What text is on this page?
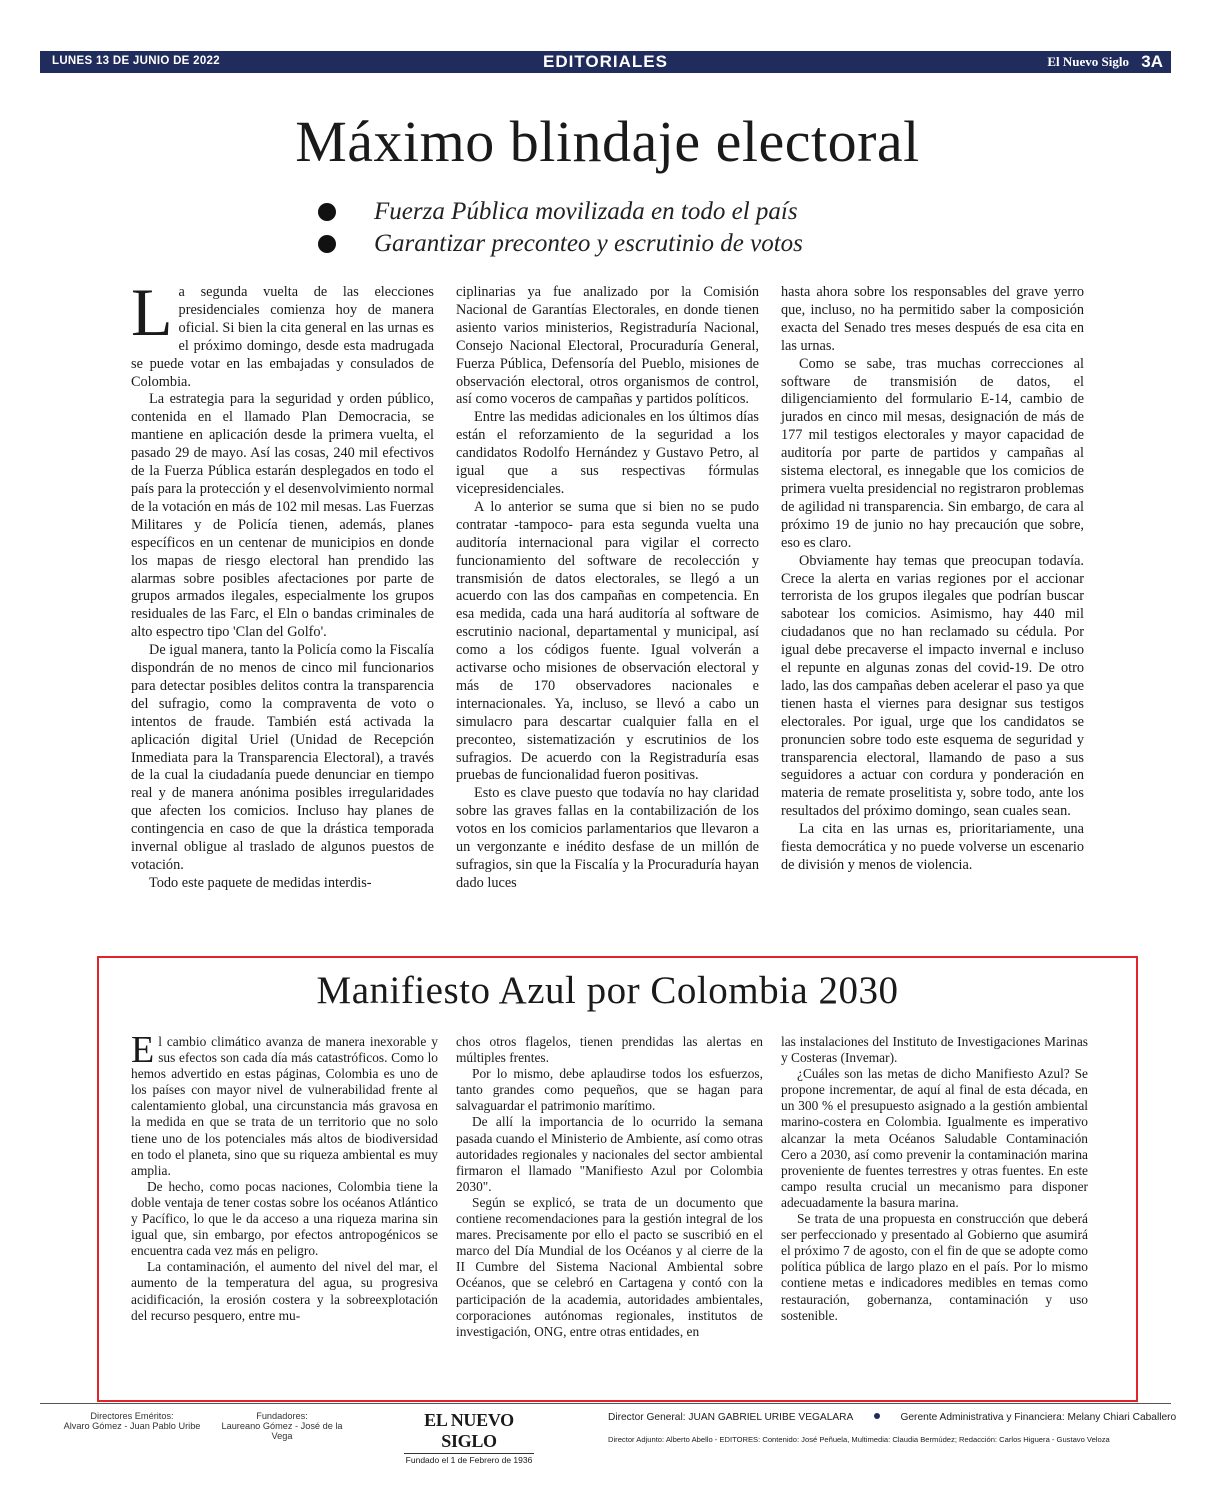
LUNES 13 DE JUNIO DE 2022	EDITORIALES	El Nuevo Siglo 3A
Máximo blindaje electoral
Fuerza Pública movilizada en todo el país
Garantizar preconteo y escrutinio de votos

La segunda vuelta de las elecciones presidenciales comienza hoy de manera oficial. Si bien la cita general en las urnas es el próximo domingo, desde esta madrugada se puede votar en las embajadas y consulados de Colombia.

La estrategia para la seguridad y orden público, contenida en el llamado Plan Democracia, se mantiene en aplicación desde la primera vuelta, el pasado 29 de mayo. Así las cosas, 240 mil efectivos de la Fuerza Pública estarán desplegados en todo el país para la protección y el desenvolvimiento normal de la votación en más de 102 mil mesas. Las Fuerzas Militares y de Policía tienen, además, planes específicos en un centenar de municipios en donde los mapas de riesgo electoral han prendido las alarmas sobre posibles afectaciones por parte de grupos armados ilegales, especialmente los grupos residuales de las Farc, el Eln o bandas criminales de alto espectro tipo 'Clan del Golfo'.

De igual manera, tanto la Policía como la Fiscalía dispondrán de no menos de cinco mil funcionarios para detectar posibles delitos contra la transparencia del sufragio, como la compraventa de voto o intentos de fraude. También está activada la aplicación digital Uriel (Unidad de Recepción Inmediata para la Transparencia Electoral), a través de la cual la ciudadanía puede denunciar en tiempo real y de manera anónima posibles irregularidades que afecten los comicios. Incluso hay planes de contingencia en caso de que la drástica temporada invernal obligue al traslado de algunos puestos de votación.

Todo este paquete de medidas interdis-

ciplinarias ya fue analizado por la Comisión Nacional de Garantías Electorales, en donde tienen asiento varios ministerios, Registraduría Nacional, Consejo Nacional Electoral, Procuraduría General, Fuerza Pública, Defensoría del Pueblo, misiones de observación electoral, otros organismos de control, así como voceros de campañas y partidos políticos.

Entre las medidas adicionales en los últimos días están el reforzamiento de la seguridad a los candidatos Rodolfo Hernández y Gustavo Petro, al igual que a sus respectivas fórmulas vicepresidenciales.

A lo anterior se suma que si bien no se pudo contratar -tampoco- para esta segunda vuelta una auditoría internacional para vigilar el correcto funcionamiento del software de recolección y transmisión de datos electorales, se llegó a un acuerdo con las dos campañas en competencia. En esa medida, cada una hará auditoría al software de escrutinio nacional, departamental y municipal, así como a los códigos fuente. Igual volverán a activarse ocho misiones de observación electoral y más de 170 observadores nacionales e internacionales. Ya, incluso, se llevó a cabo un simulacro para descartar cualquier falla en el preconteo, sistematización y escrutinios de los sufragios. De acuerdo con la Registraduría esas pruebas de funcionalidad fueron positivas.

Esto es clave puesto que todavía no hay claridad sobre las graves fallas en la contabilización de los votos en los comicios parlamentarios que llevaron a un vergonzante e inédito desfase de un millón de sufragios, sin que la Fiscalía y la Procuraduría hayan dado luces

hasta ahora sobre los responsables del grave yerro que, incluso, no ha permitido saber la composición exacta del Senado tres meses después de esa cita en las urnas.

Como se sabe, tras muchas correcciones al software de transmisión de datos, el diligenciamiento del formulario E-14, cambio de jurados en cinco mil mesas, designación de más de 177 mil testigos electorales y mayor capacidad de auditoría por parte de partidos y campañas al sistema electoral, es innegable que los comicios de primera vuelta presidencial no registraron problemas de agilidad ni transparencia. Sin embargo, de cara al próximo 19 de junio no hay precaución que sobre, eso es claro.

Obviamente hay temas que preocupan todavía. Crece la alerta en varias regiones por el accionar terrorista de los grupos ilegales que podrían buscar sabotear los comicios. Asimismo, hay 440 mil ciudadanos que no han reclamado su cédula. Por igual debe precaverse el impacto invernal e incluso el repunte en algunas zonas del covid-19. De otro lado, las dos campañas deben acelerar el paso ya que tienen hasta el viernes para designar sus testigos electorales. Por igual, urge que los candidatos se pronuncien sobre todo este esquema de seguridad y transparencia electoral, llamando de paso a sus seguidores a actuar con cordura y ponderación en materia de remate proselitista y, sobre todo, ante los resultados del próximo domingo, sean cuales sean.

La cita en las urnas es, prioritariamente, una fiesta democrática y no puede volverse un escenario de división y menos de violencia.

Manifiesto Azul por Colombia 2030

El cambio climático avanza de manera inexorable y sus efectos son cada día más catastróficos. Como lo hemos advertido en estas páginas, Colombia es uno de los países con mayor nivel de vulnerabilidad frente al calentamiento global, una circunstancia más gravosa en la medida en que se trata de un territorio que no solo tiene uno de los potenciales más altos de biodiversidad en todo el planeta, sino que su riqueza ambiental es muy amplia.

De hecho, como pocas naciones, Colombia tiene la doble ventaja de tener costas sobre los océanos Atlántico y Pacífico, lo que le da acceso a una riqueza marina sin igual que, sin embargo, por efectos antropogénicos se encuentra cada vez más en peligro.

La contaminación, el aumento del nivel del mar, el aumento de la temperatura del agua, su progresiva acidificación, la erosión costera y la sobreexplotación del recurso pesquero, entre mu-

chos otros flagelos, tienen prendidas las alertas en múltiples frentes.

Por lo mismo, debe aplaudirse todos los esfuerzos, tanto grandes como pequeños, que se hagan para salvaguardar el patrimonio marítimo.

De allí la importancia de lo ocurrido la semana pasada cuando el Ministerio de Ambiente, así como otras autoridades regionales y nacionales del sector ambiental firmaron el llamado "Manifiesto Azul por Colombia 2030".

Según se explicó, se trata de un documento que contiene recomendaciones para la gestión integral de los mares. Precisamente por ello el pacto se suscribió en el marco del Día Mundial de los Océanos y al cierre de la II Cumbre del Sistema Nacional Ambiental sobre Océanos, que se celebró en Cartagena y contó con la participación de la academia, autoridades ambientales, corporaciones autónomas regionales, institutos de investigación, ONG, entre otras entidades, en

las instalaciones del Instituto de Investigaciones Marinas y Costeras (Invemar).

¿Cuáles son las metas de dicho Manifiesto Azul? Se propone incrementar, de aquí al final de esta década, en un 300 % el presupuesto asignado a la gestión ambiental marino-costera en Colombia. Igualmente es imperativo alcanzar la meta Océanos Saludable Contaminación Cero a 2030, así como prevenir la contaminación marina proveniente de fuentes terrestres y otras fuentes. En este campo resulta crucial un mecanismo para disponer adecuadamente la basura marina.

Se trata de una propuesta en construcción que deberá ser perfeccionado y presentado al Gobierno que asumirá el próximo 7 de agosto, con el fin de que se adopte como política pública de largo plazo en el país. Por lo mismo contiene metas e indicadores medibles en temas como restauración, gobernanza, contaminación y uso sostenible.

Directores Eméritos:
Alvaro Gómez - Juan Pablo Uribe
Fundadores:
Laureano Gómez - José de la Vega
EL NUEVO SIGLO
Fundado el 1 de Febrero de 1936
Director General: JUAN GABRIEL URIBE VEGALARA	Gerente Administrativa y Financiera: Melany Chiari Caballero
Director Adjunto: Alberto Abello - EDITORES: Contenido: José Peñuela, Multimedia: Claudia Bermúdez; Redacción: Carlos Higuera - Gustavo Veloza
